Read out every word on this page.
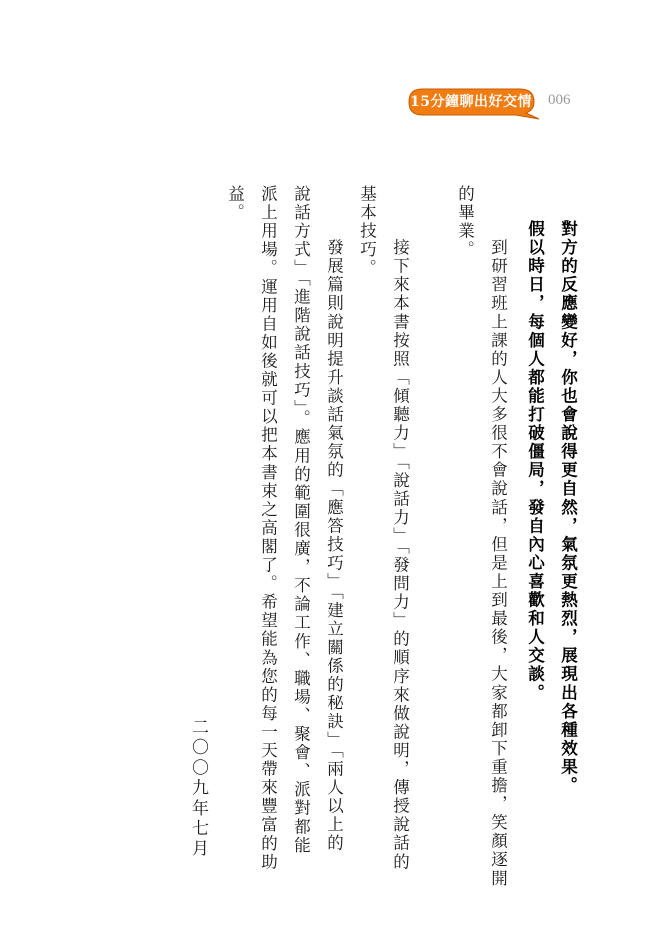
15分鐘聊出好交情 006
對方的反應變好，你也會說得更自然，氣氛更熱烈，展現出各種效果。
假以時日，每個人都能打破僵局，發自內心喜歡和人交談。
　到研習班上課的人大多很不會說話，但是上到最後，大家都卸下重擔，笑顏逐開
的畢業。
　接下來本書按照「傾聽力」「說話力」「發問力」的順序來做說明，傳授說話的
基本技巧。
　發展篇則說明提升談話氣氛的「應答技巧」「建立關係的秘訣」「兩人以上的
說話方式」「進階說話技巧」。應用的範圍很廣，不論工作、職場、聚會、派對都能
派上用場。運用自如後就可以把本書束之高閣了。希望能為您的每一天帶來豐富的助
益。
二〇〇九年七月
